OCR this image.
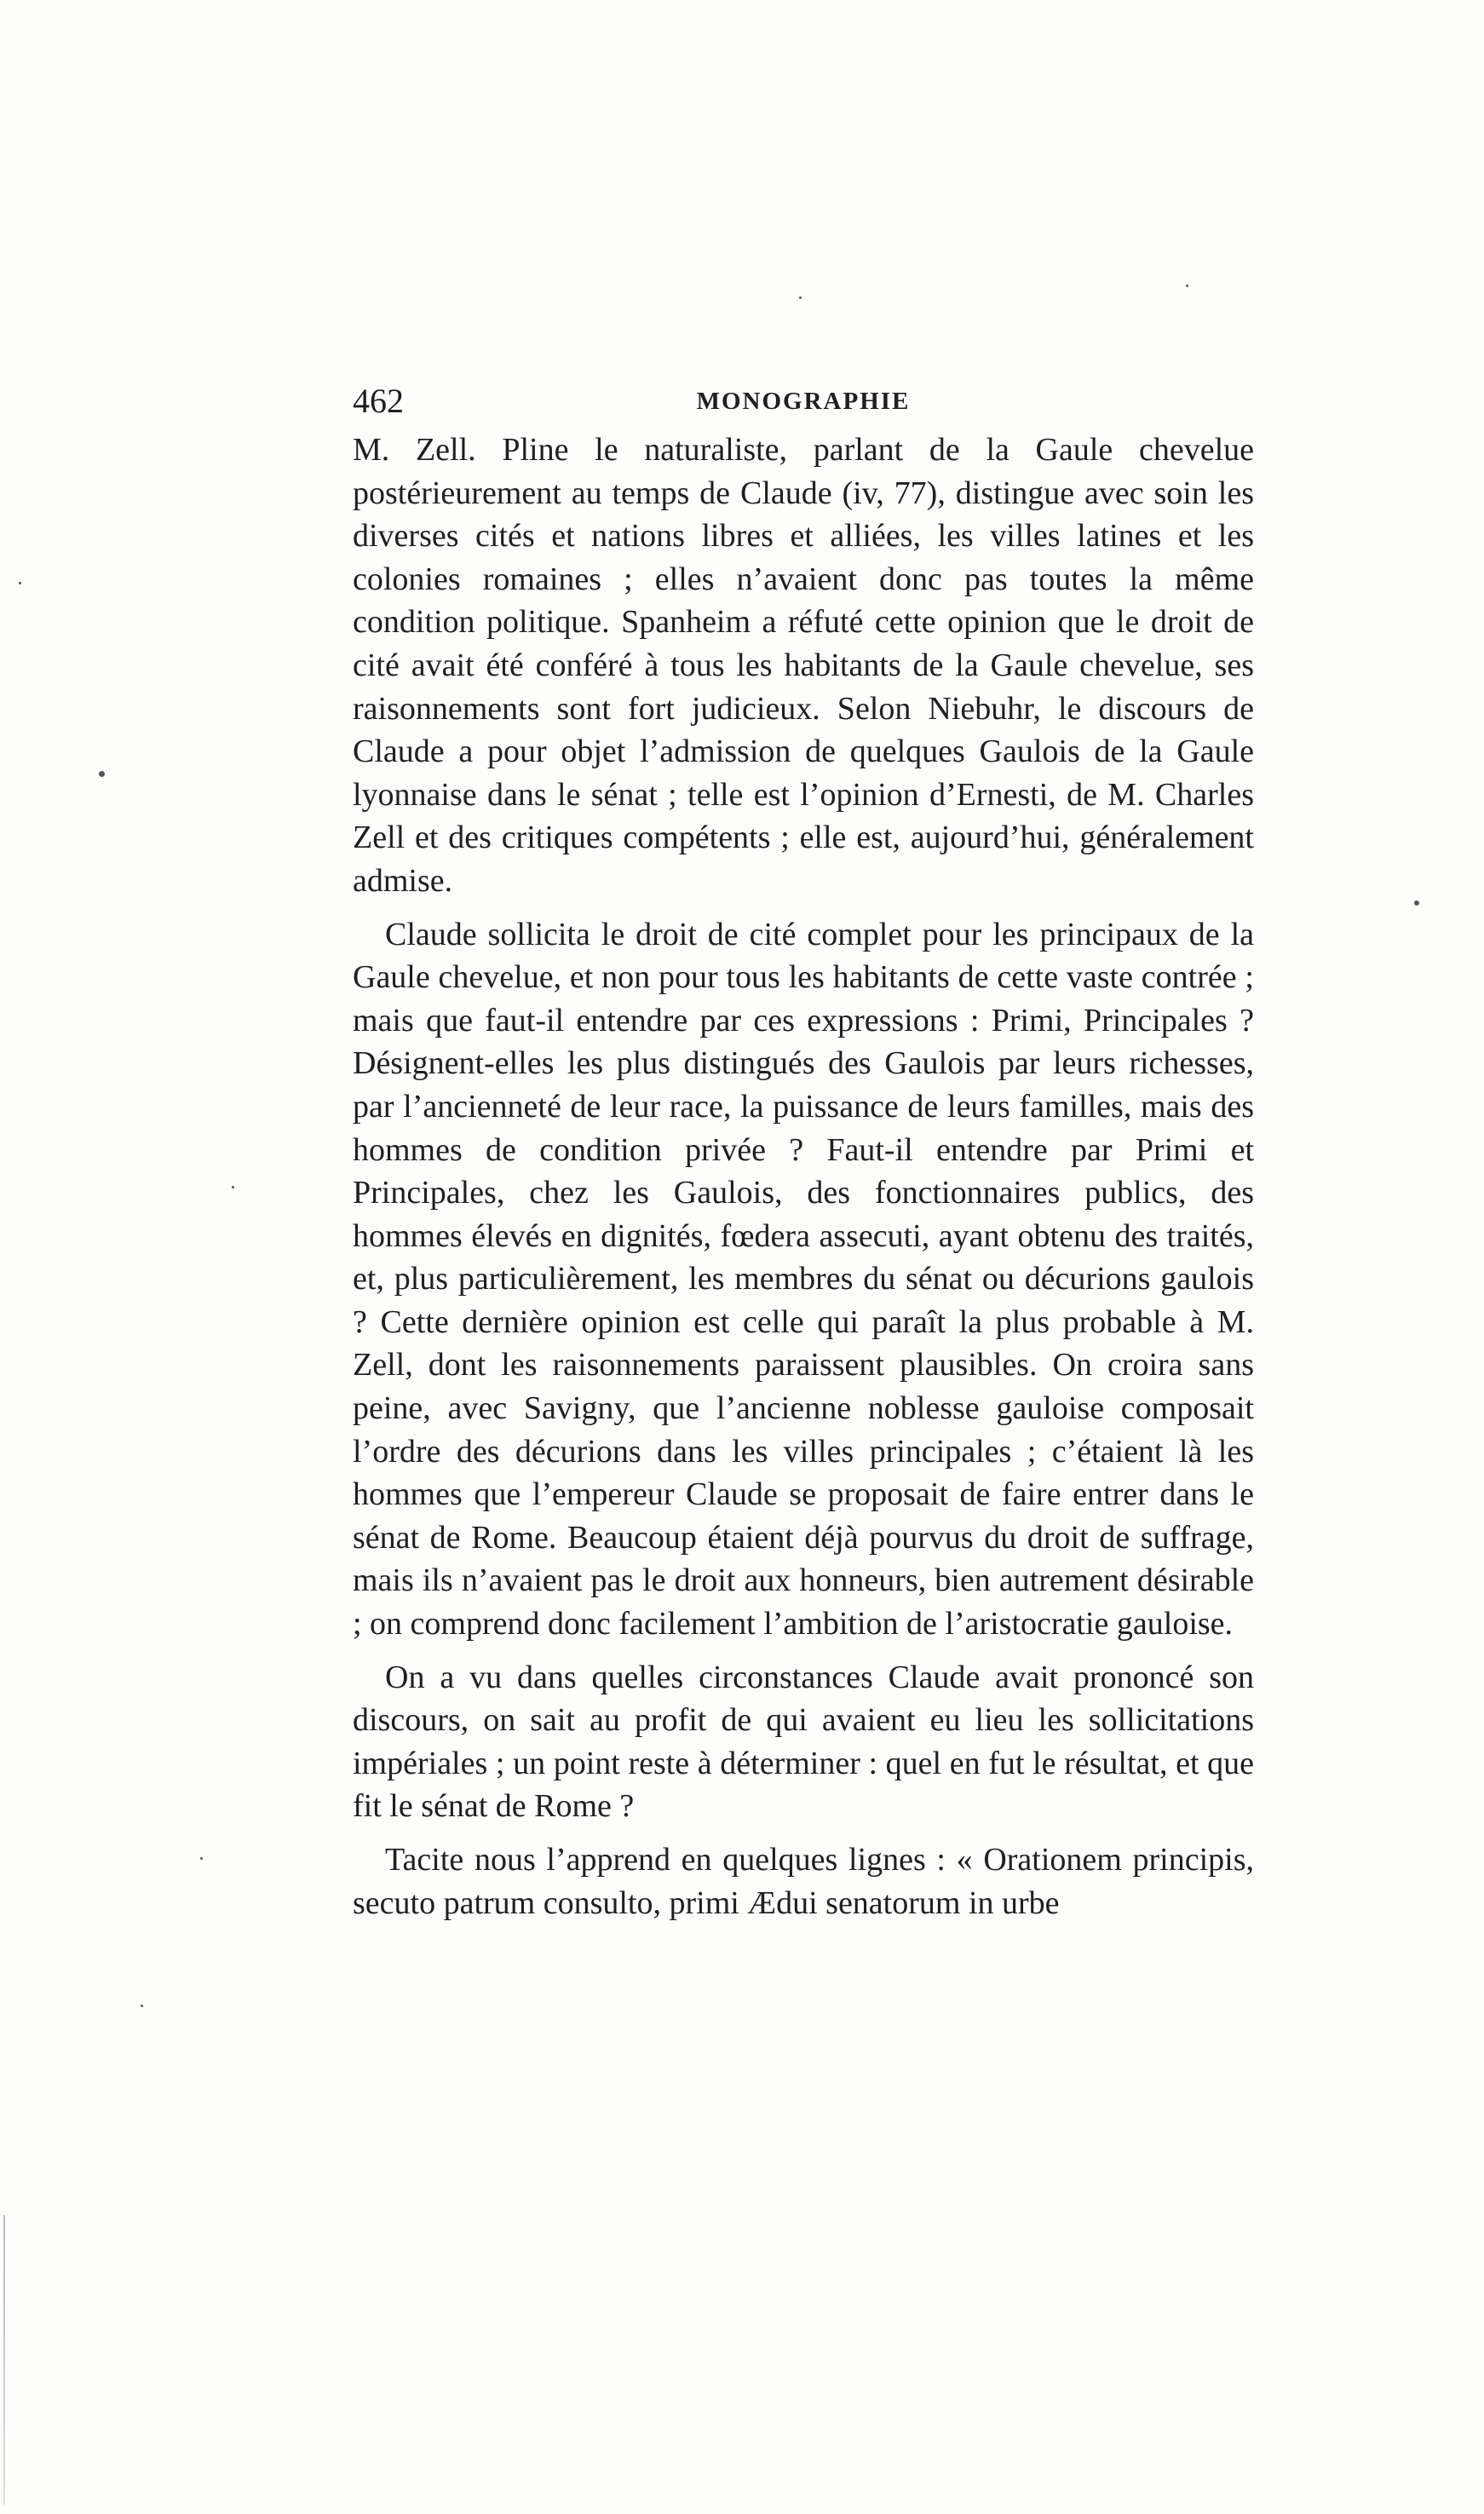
462	MONOGRAPHIE

M. Zell. Pline le naturaliste, parlant de la Gaule chevelue postérieurement au temps de Claude (iv, 77), distingue avec soin les diverses cités et nations libres et alliées, les villes latines et les colonies romaines ; elles n’avaient donc pas toutes la même condition politique. Spanheim a réfuté cette opinion que le droit de cité avait été conféré à tous les habitants de la Gaule chevelue, ses raisonnements sont fort judicieux. Selon Niebuhr, le discours de Claude a pour objet l’admission de quelques Gaulois de la Gaule lyonnaise dans le sénat ; telle est l’opinion d’Ernesti, de M. Charles Zell et des critiques compétents ; elle est, aujourd’hui, généralement admise.

Claude sollicita le droit de cité complet pour les principaux de la Gaule chevelue, et non pour tous les habitants de cette vaste contrée ; mais que faut-il entendre par ces expressions : Primi, Principales ? Désignent-elles les plus distingués des Gaulois par leurs richesses, par l’ancienneté de leur race, la puissance de leurs familles, mais des hommes de condition privée ? Faut-il entendre par Primi et Principales, chez les Gaulois, des fonctionnaires publics, des hommes élevés en dignités, fœdera assecuti, ayant obtenu des traités, et, plus particulièrement, les membres du sénat ou décurions gaulois ? Cette dernière opinion est celle qui paraît la plus probable à M. Zell, dont les raisonnements paraissent plausibles. On croira sans peine, avec Savigny, que l’ancienne noblesse gauloise composait l’ordre des décurions dans les villes principales ; c’étaient là les hommes que l’empereur Claude se proposait de faire entrer dans le sénat de Rome. Beaucoup étaient déjà pourvus du droit de suffrage, mais ils n’avaient pas le droit aux honneurs, bien autrement désirable ; on comprend donc facilement l’ambition de l’aristocratie gauloise.

On a vu dans quelles circonstances Claude avait prononcé son discours, on sait au profit de qui avaient eu lieu les sollicitations impériales ; un point reste à déterminer : quel en fut le résultat, et que fit le sénat de Rome ?

Tacite nous l’apprend en quelques lignes : « Orationem principis, secuto patrum consulto, primi Ædui senatorum in urbe
